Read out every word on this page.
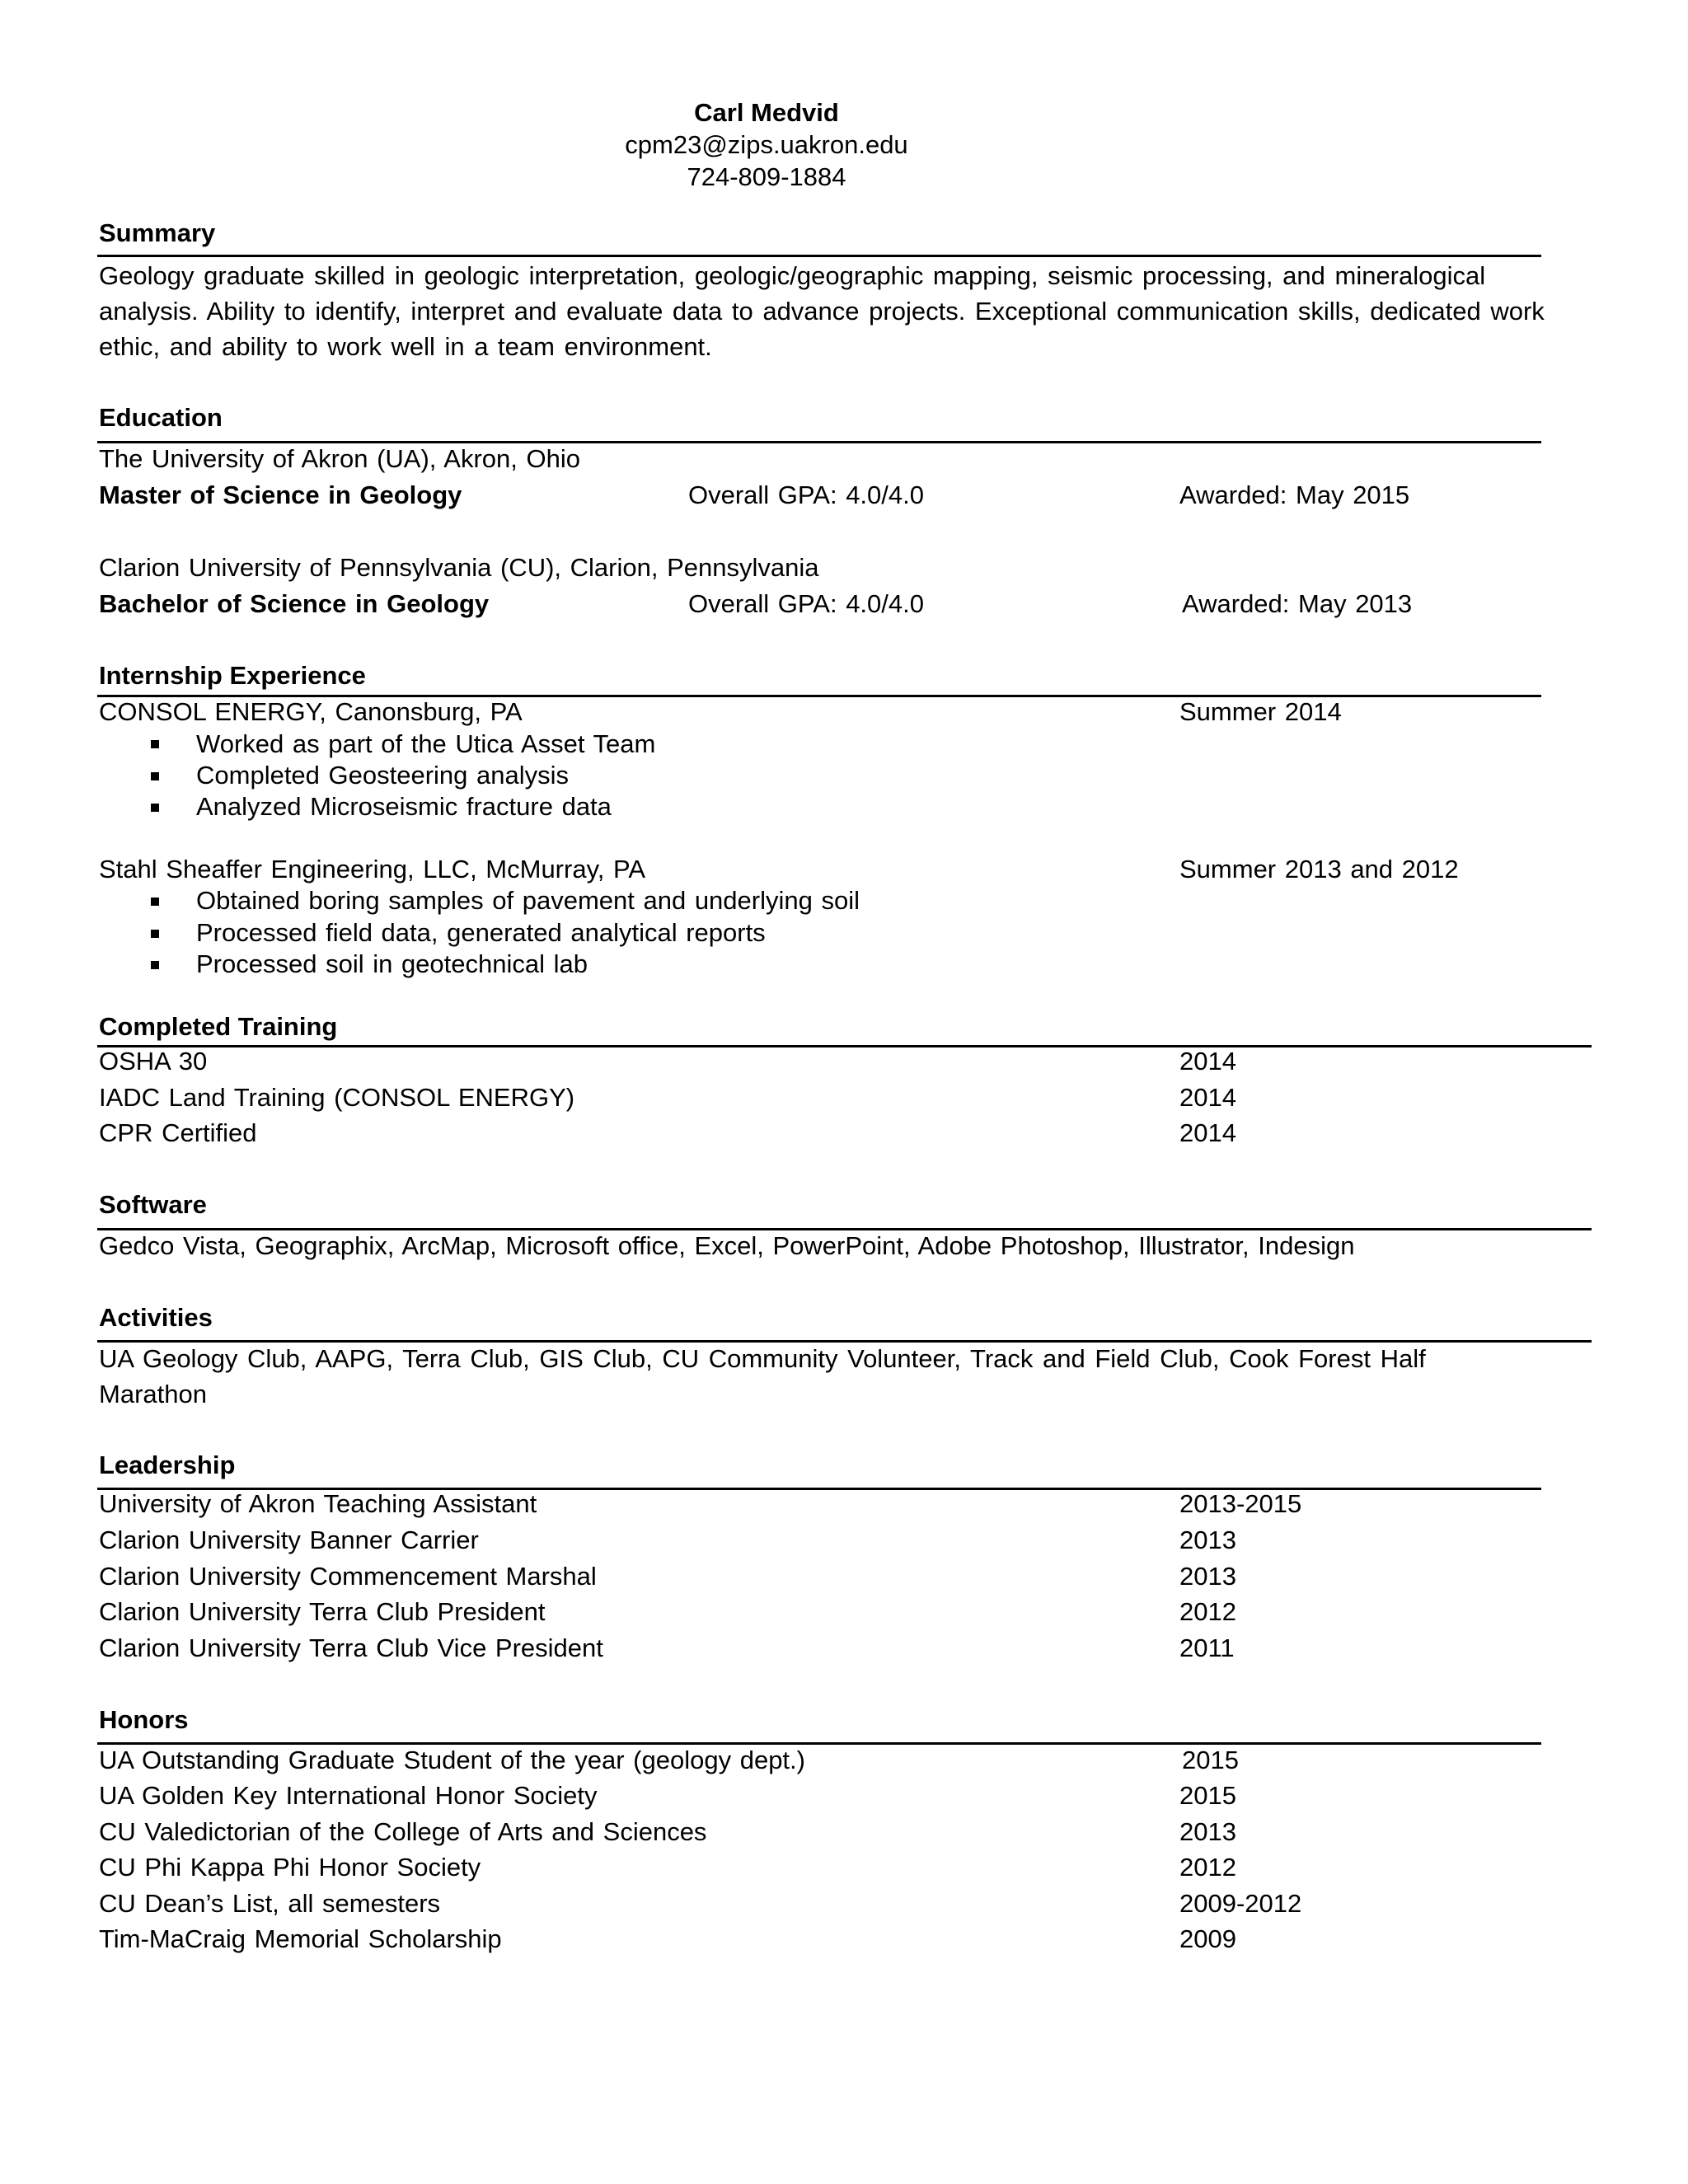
Carl Medvid
cpm23@zips.uakron.edu
724-809-1884
Summary
Geology graduate skilled in geologic interpretation, geologic/geographic mapping, seismic processing, and mineralogical analysis. Ability to identify, interpret and evaluate data to advance projects. Exceptional communication skills, dedicated work ethic, and ability to work well in a team environment.
Education
The University of Akron (UA), Akron, Ohio
Master of Science in Geology	Overall GPA: 4.0/4.0	Awarded: May 2015
Clarion University of Pennsylvania (CU), Clarion, Pennsylvania
Bachelor of Science in Geology	Overall GPA: 4.0/4.0	Awarded: May 2013
Internship Experience
CONSOL ENERGY, Canonsburg, PA	Summer 2014
Worked as part of the Utica Asset Team
Completed Geosteering analysis
Analyzed Microseismic fracture data
Stahl Sheaffer Engineering, LLC, McMurray, PA	Summer 2013 and 2012
Obtained boring samples of pavement and underlying soil
Processed field data, generated analytical reports
Processed soil in geotechnical lab
Completed Training
OSHA 30	2014
IADC Land Training (CONSOL ENERGY)	2014
CPR Certified	2014
Software
Gedco Vista, Geographix, ArcMap, Microsoft office, Excel, PowerPoint, Adobe Photoshop, Illustrator, Indesign
Activities
UA Geology Club, AAPG, Terra Club, GIS Club, CU Community Volunteer, Track and Field Club, Cook Forest Half Marathon
Leadership
University of Akron Teaching Assistant	2013-2015
Clarion University Banner Carrier	2013
Clarion University Commencement Marshal	2013
Clarion University Terra Club President	2012
Clarion University Terra Club Vice President	2011
Honors
UA Outstanding Graduate Student of the year (geology dept.)	2015
UA Golden Key International Honor Society	2015
CU Valedictorian of the College of Arts and Sciences	2013
CU Phi Kappa Phi Honor Society	2012
CU Dean’s List, all semesters	2009-2012
Tim-MaCraig Memorial Scholarship	2009
